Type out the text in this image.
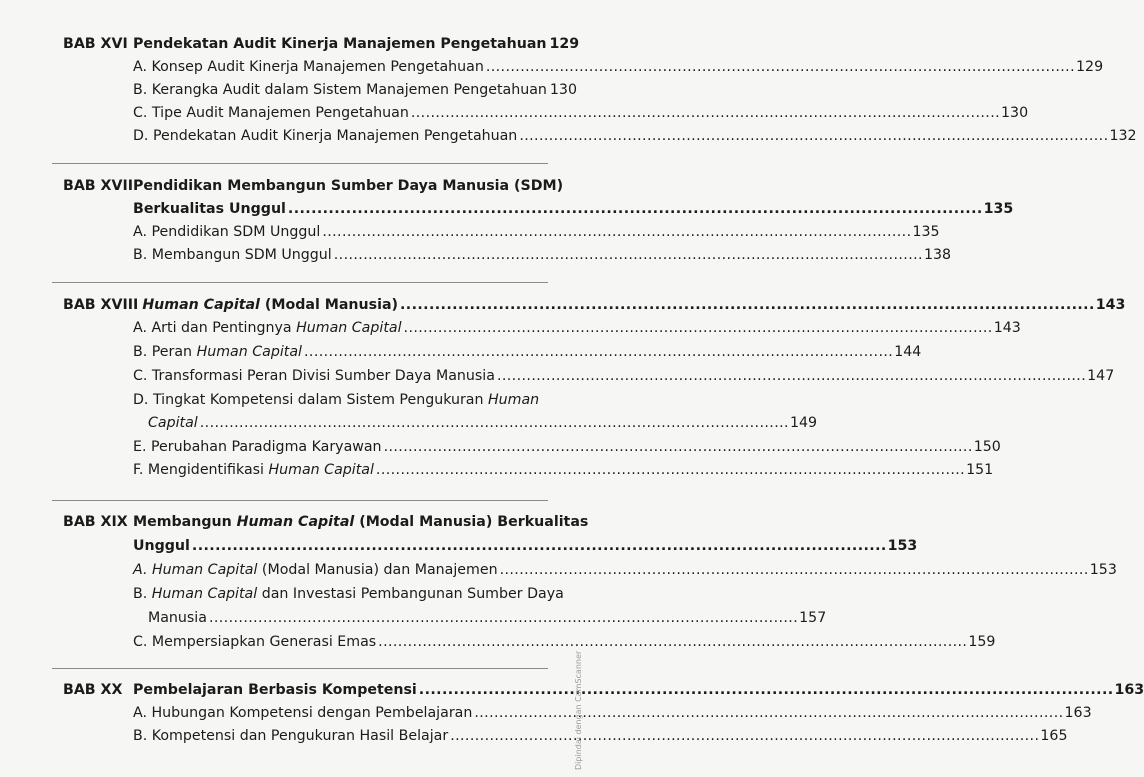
BAB XVI Pendekatan Audit Kinerja Manajemen Pengetahuan 129
A. Konsep Audit Kinerja Manajemen Pengetahuan ........................................................................................................................ 129
B. Kerangka Audit dalam Sistem Manajemen Pengetahuan 130
C. Tipe Audit Manajemen Pengetahuan ........................................................................................................................ 130
D. Pendekatan Audit Kinerja Manajemen Pengetahuan ........................................................................................................................ 132
BAB XVII Pendidikan Membangun Sumber Daya Manusia (SDM)
Berkualitas Unggul ........................................................................................................................ 135
A. Pendidikan SDM Unggul ........................................................................................................................ 135
B. Membangun SDM Unggul ........................................................................................................................ 138
BAB XVIII Human Capital (Modal Manusia) ........................................................................................................................ 143
A. Arti dan Pentingnya Human Capital ........................................................................................................................ 143
B. Peran Human Capital ........................................................................................................................ 144
C. Transformasi Peran Divisi Sumber Daya Manusia ........................................................................................................................ 147
D. Tingkat Kompetensi dalam Sistem Pengukuran Human
Capital ........................................................................................................................ 149
E. Perubahan Paradigma Karyawan ........................................................................................................................ 150
F. Mengidentifikasi Human Capital ........................................................................................................................ 151
BAB XIX Membangun Human Capital (Modal Manusia) Berkualitas
Unggul ........................................................................................................................ 153
A. Human Capital (Modal Manusia) dan Manajemen ........................................................................................................................ 153
B. Human Capital dan Investasi Pembangunan Sumber Daya
Manusia ........................................................................................................................ 157
C. Mempersiapkan Generasi Emas ........................................................................................................................ 159
BAB XX Pembelajaran Berbasis Kompetensi ........................................................................................................................ 163
A. Hubungan Kompetensi dengan Pembelajaran ........................................................................................................................ 163
B. Kompetensi dan Pengukuran Hasil Belajar ........................................................................................................................ 165
Dipindai dengan CamScanner
